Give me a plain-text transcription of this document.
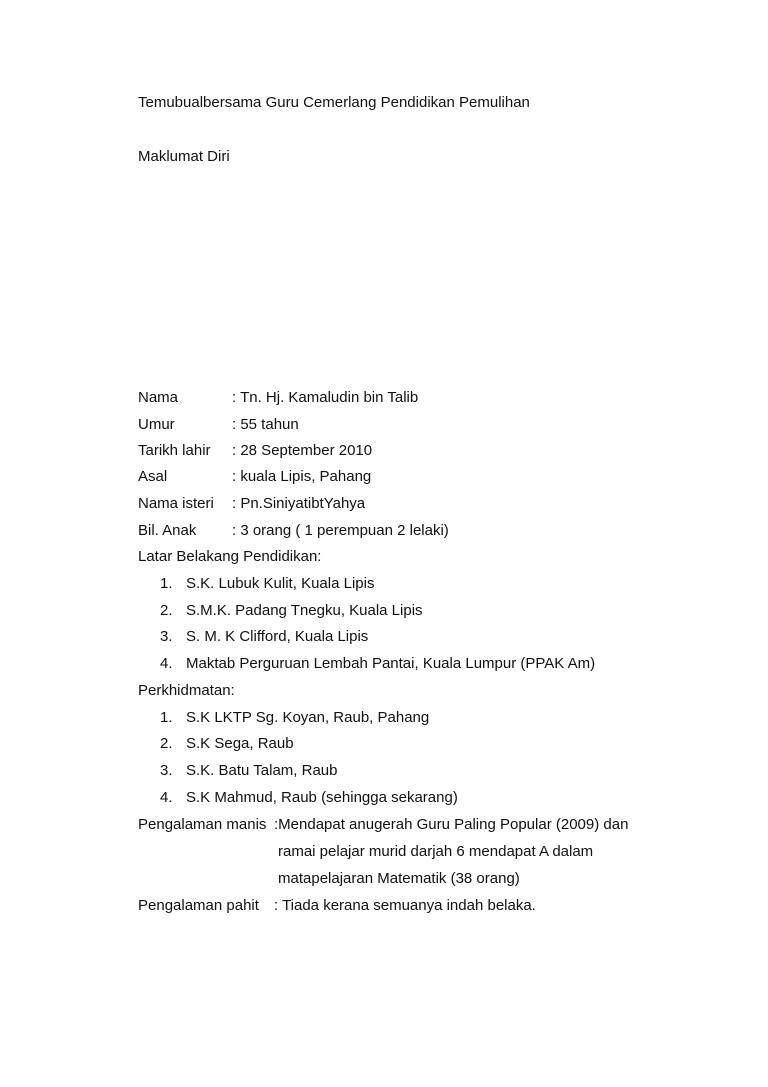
Temubualbersama Guru Cemerlang Pendidikan Pemulihan
Maklumat Diri
Nama	: Tn. Hj. Kamaludin bin Talib
Umur	: 55 tahun
Tarikh lahir : 28 September 2010
Asal	: kuala Lipis, Pahang
Nama isteri : Pn.SiniyatibtYahya
Bil. Anak : 3 orang ( 1 perempuan 2 lelaki)
Latar Belakang Pendidikan:
1. S.K. Lubuk Kulit, Kuala Lipis
2. S.M.K. Padang Tnegku, Kuala Lipis
3. S. M. K Clifford, Kuala Lipis
4. Maktab Perguruan Lembah Pantai, Kuala Lumpur (PPAK Am)
Perkhidmatan:
1. S.K LKTP Sg. Koyan, Raub, Pahang
2. S.K Sega, Raub
3. S.K. Batu Talam, Raub
4. S.K Mahmud, Raub (sehingga sekarang)
Pengalaman manis :Mendapat anugerah Guru Paling Popular (2009) dan
ramai pelajar murid darjah 6 mendapat A dalam
matapelajaran Matematik (38 orang)
Pengalaman pahit : Tiada kerana semuanya indah belaka.
